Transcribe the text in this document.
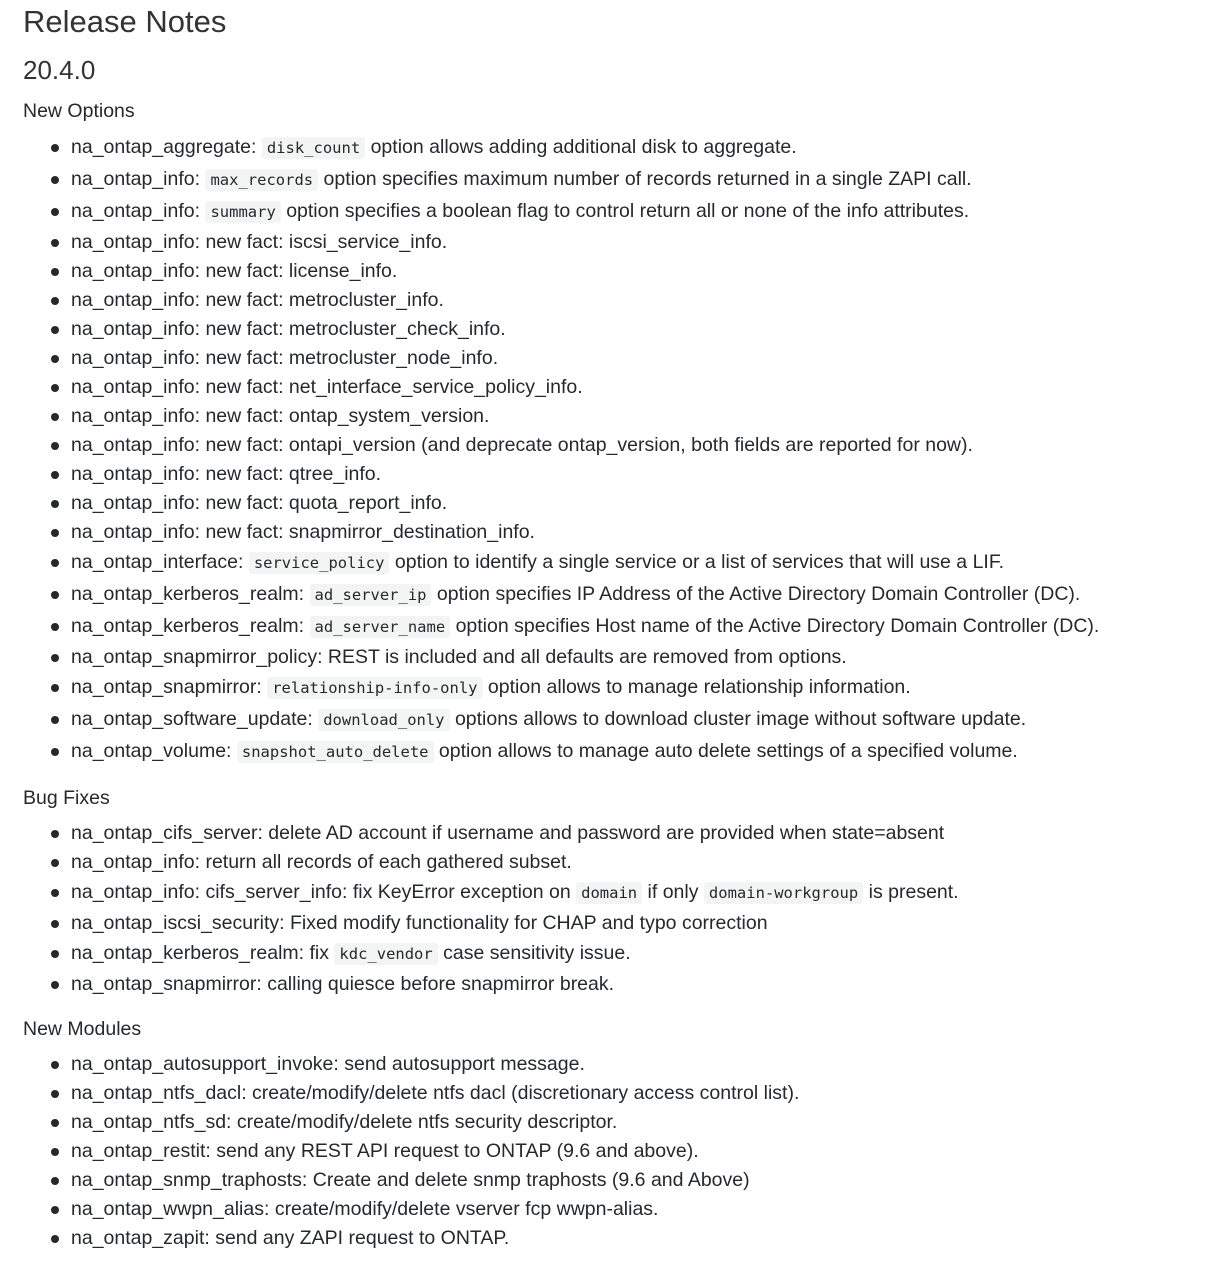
Release Notes
20.4.0
New Options
na_ontap_aggregate: disk_count option allows adding additional disk to aggregate.
na_ontap_info: max_records option specifies maximum number of records returned in a single ZAPI call.
na_ontap_info: summary option specifies a boolean flag to control return all or none of the info attributes.
na_ontap_info: new fact: iscsi_service_info.
na_ontap_info: new fact: license_info.
na_ontap_info: new fact: metrocluster_info.
na_ontap_info: new fact: metrocluster_check_info.
na_ontap_info: new fact: metrocluster_node_info.
na_ontap_info: new fact: net_interface_service_policy_info.
na_ontap_info: new fact: ontap_system_version.
na_ontap_info: new fact: ontapi_version (and deprecate ontap_version, both fields are reported for now).
na_ontap_info: new fact: qtree_info.
na_ontap_info: new fact: quota_report_info.
na_ontap_info: new fact: snapmirror_destination_info.
na_ontap_interface: service_policy option to identify a single service or a list of services that will use a LIF.
na_ontap_kerberos_realm: ad_server_ip option specifies IP Address of the Active Directory Domain Controller (DC).
na_ontap_kerberos_realm: ad_server_name option specifies Host name of the Active Directory Domain Controller (DC).
na_ontap_snapmirror_policy: REST is included and all defaults are removed from options.
na_ontap_snapmirror: relationship-info-only option allows to manage relationship information.
na_ontap_software_update: download_only options allows to download cluster image without software update.
na_ontap_volume: snapshot_auto_delete option allows to manage auto delete settings of a specified volume.
Bug Fixes
na_ontap_cifs_server: delete AD account if username and password are provided when state=absent
na_ontap_info: return all records of each gathered subset.
na_ontap_info: cifs_server_info: fix KeyError exception on domain if only domain-workgroup is present.
na_ontap_iscsi_security: Fixed modify functionality for CHAP and typo correction
na_ontap_kerberos_realm: fix kdc_vendor case sensitivity issue.
na_ontap_snapmirror: calling quiesce before snapmirror break.
New Modules
na_ontap_autosupport_invoke: send autosupport message.
na_ontap_ntfs_dacl: create/modify/delete ntfs dacl (discretionary access control list).
na_ontap_ntfs_sd: create/modify/delete ntfs security descriptor.
na_ontap_restit: send any REST API request to ONTAP (9.6 and above).
na_ontap_snmp_traphosts: Create and delete snmp traphosts (9.6 and Above)
na_ontap_wwpn_alias: create/modify/delete vserver fcp wwpn-alias.
na_ontap_zapit: send any ZAPI request to ONTAP.
